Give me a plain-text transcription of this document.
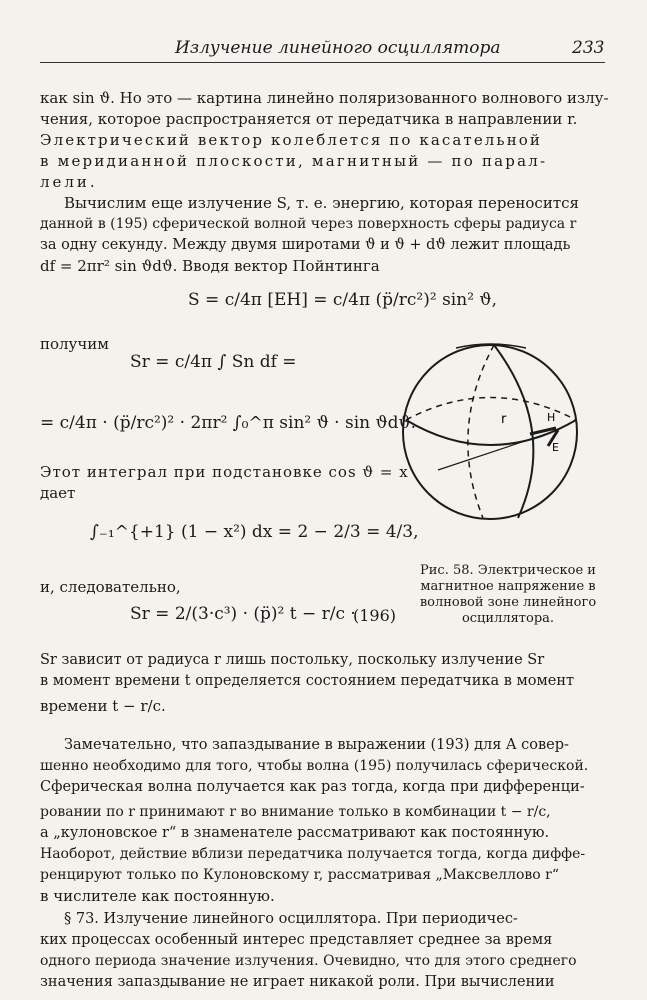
Излучение линейного осциллятора	233
как sin ϑ. Но это — картина линейно поляризованного волнового излу-
чения, которое распространяется от передатчика в направлении r.
Электрический вектор колеблется по касательной
в меридианной плоскости, магнитный — по парал-
лели.
Вычислим еще излучение S, т. е. энергию, которая переносится
данной в (195) сферической волной через поверхность сферы радиуса r
за одну секунду. Между двумя широтами ϑ и ϑ + dϑ лежит площадь
df = 2πr² sin ϑdϑ. Вводя вектор Пойнтинга
S = c/4π [EH] = c/4π (p̈/rc²)² sin² ϑ,
получим
Sr = c/4π ∫ Sn df =
= c/4π · (p̈/rc²)² · 2πr² ∫₀^π sin² ϑ · sin ϑdϑ.
Этот интеграл при подстановке cos ϑ = x
дает
∫₋₁^{+1} (1 − x²) dx = 2 − 2/3 = 4/3,
и, следовательно,
Sr = 2/(3·c³) · (p̈)² t − r/c ·
(196)
r	H
E
Рис. 58. Электрическое и
магнитное напряжение в
волновой зоне линейного
осциллятора.
Sr зависит от радиуса r лишь постольку, поскольку излучение Sr
в момент времени t определяется состоянием передатчика в момент
времени t − r/c.
Замечательно, что запаздывание в выражении (193) для A совер-
шенно необходимо для того, чтобы волна (195) получилась сферической.
Сферическая волна получается как раз тогда, когда при дифференци-
ровании по r принимают r во внимание только в комбинации t − r/c,
а „кулоновское r“ в знаменателе рассматривают как постоянную.
Наоборот, действие вблизи передатчика получается тогда, когда диффе-
ренцируют только по Кулоновскому r, рассматривая „Максвеллово r“
в числителе как постоянную.
§ 73. Излучение линейного осциллятора. При периодичес-
ких процессах особенный интерес представляет среднее за время
одного периода значение излучения. Очевидно, что для этого среднего
значения запаздывание не играет никакой роли. При вычислении
